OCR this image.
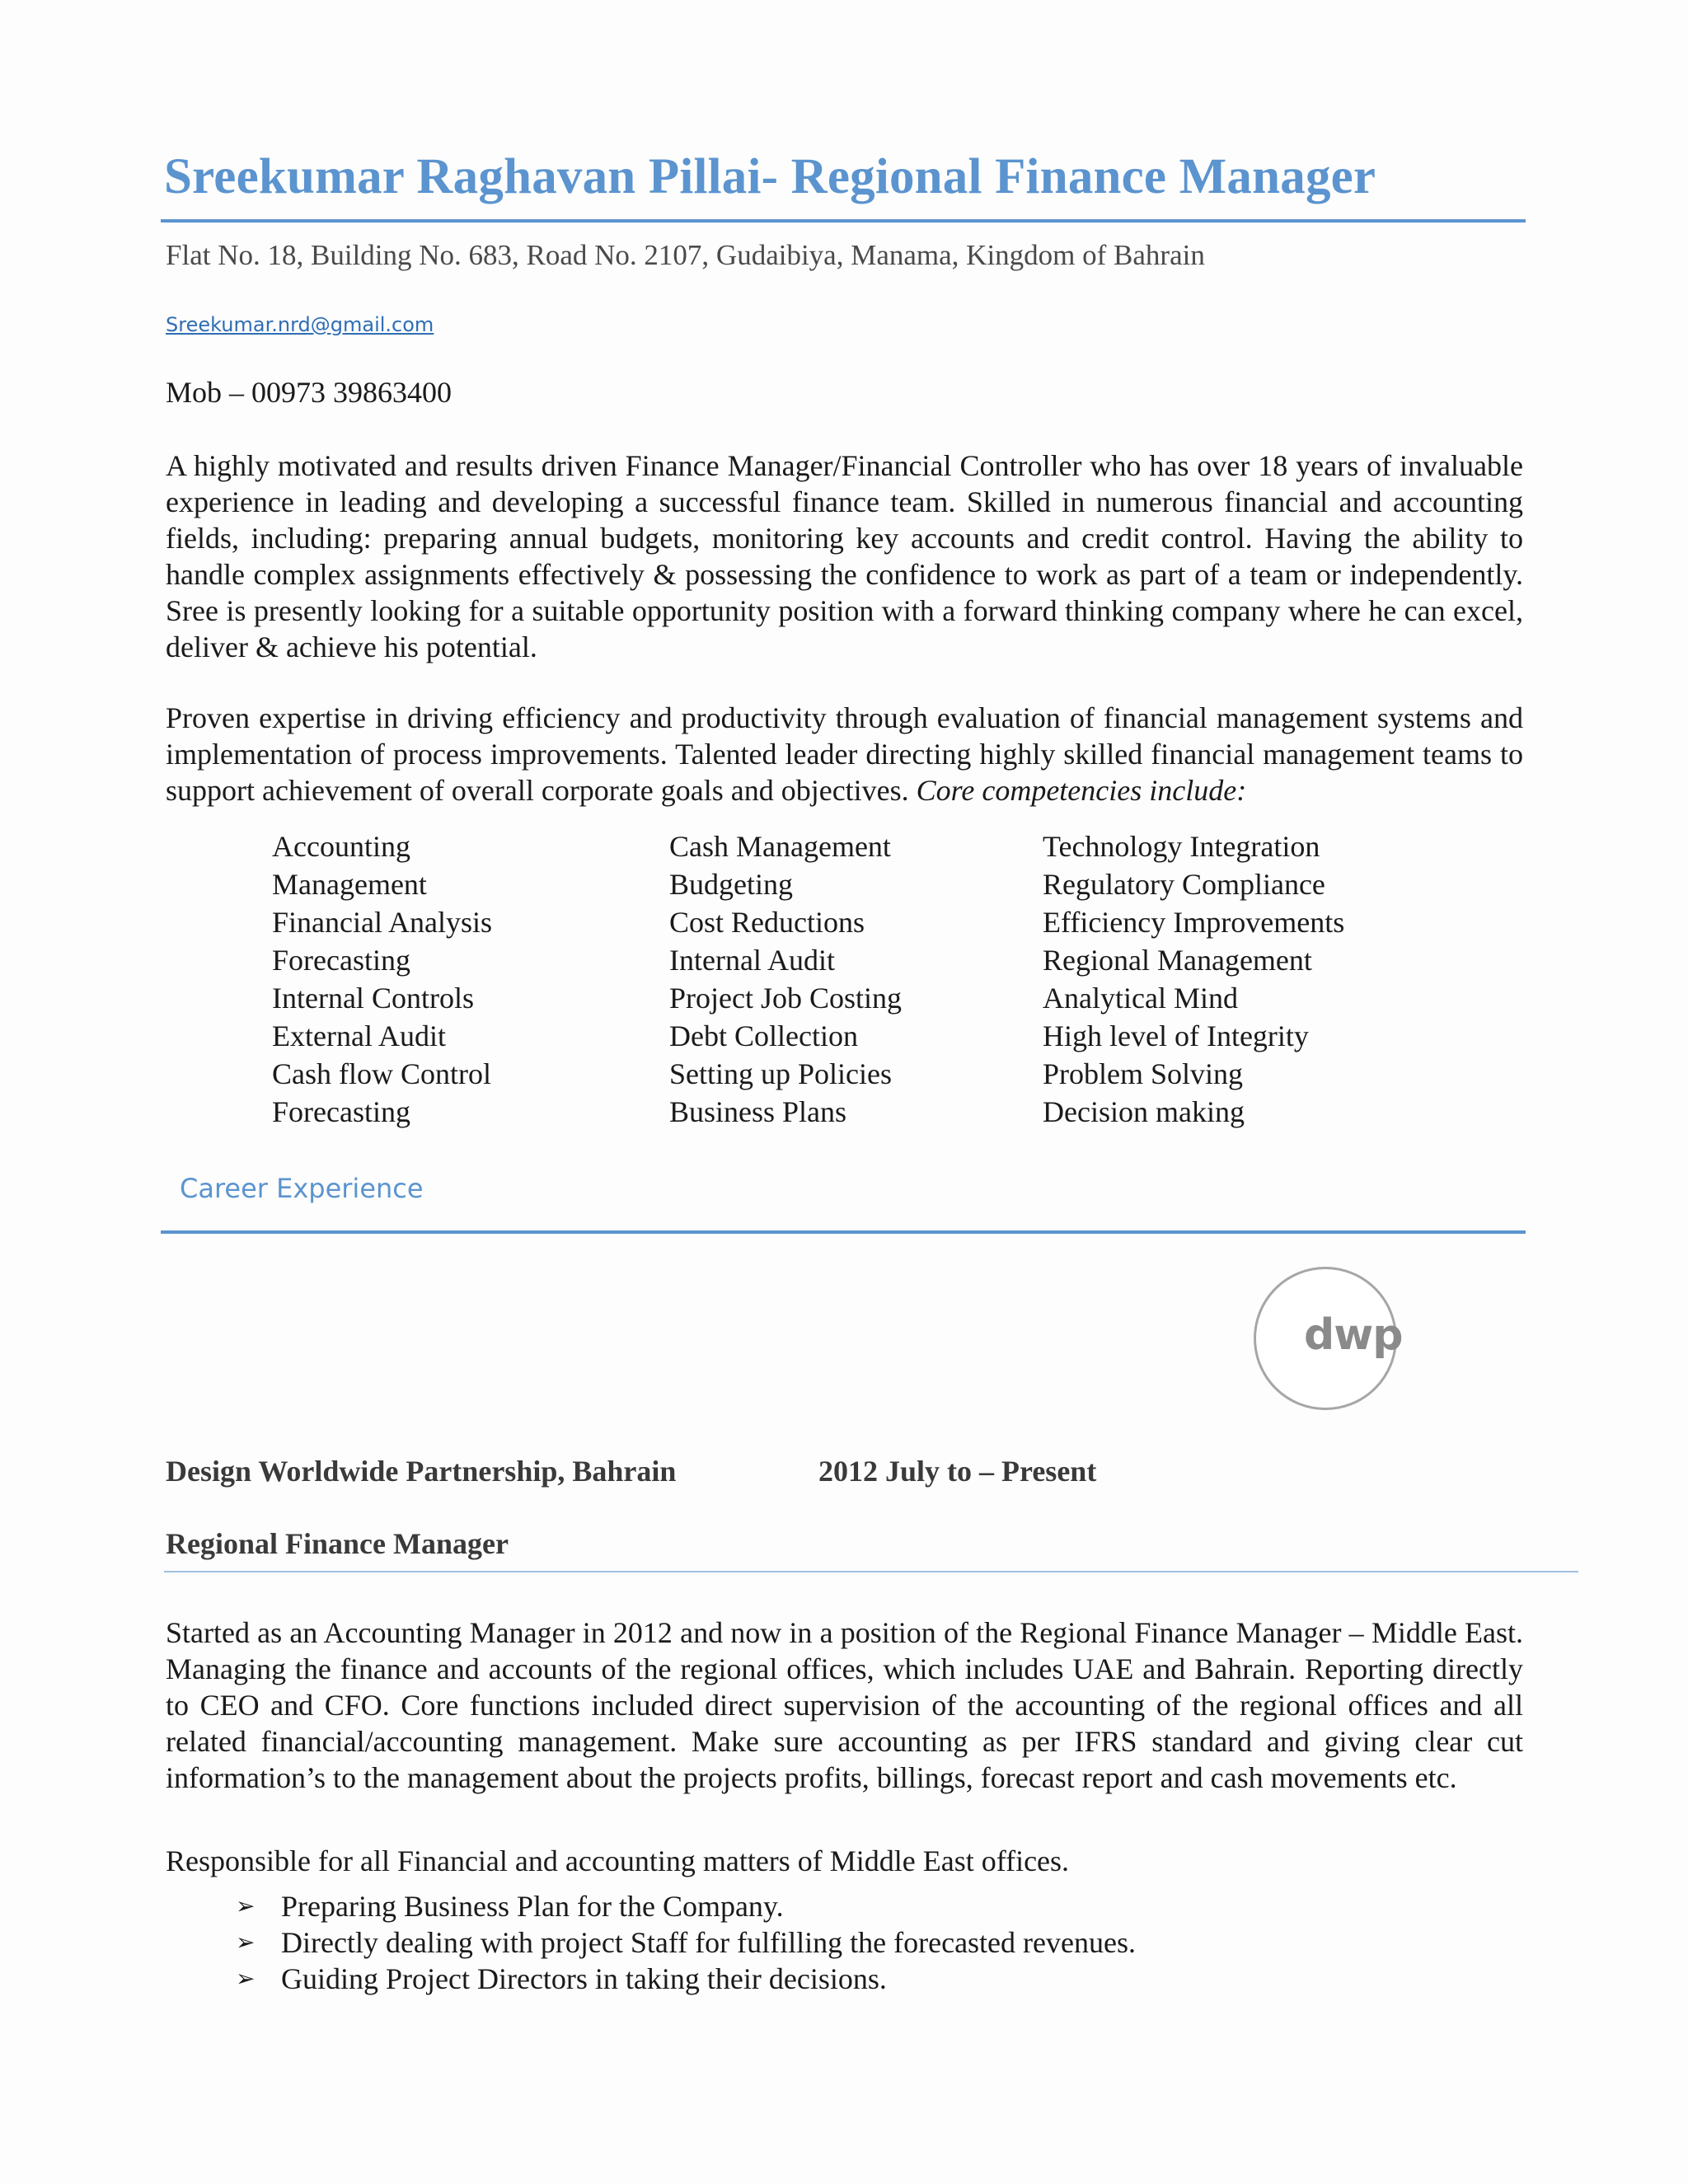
Sreekumar Raghavan Pillai- Regional Finance Manager
Flat No. 18, Building No. 683, Road No. 2107, Gudaibiya, Manama, Kingdom of Bahrain
Sreekumar.nrd@gmail.com
Mob – 00973 39863400

A highly motivated and results driven Finance Manager/Financial Controller who has over 18 years of invaluable experience in leading and developing a successful finance team. Skilled in numerous financial and accounting fields, including: preparing annual budgets, monitoring key accounts and credit control. Having the ability to handle complex assignments effectively & possessing the confidence to work as part of a team or independently. Sree is presently looking for a suitable opportunity position with a forward thinking company where he can excel, deliver & achieve his potential.

Proven expertise in driving efficiency and productivity through evaluation of financial management systems and implementation of process improvements. Talented leader directing highly skilled financial management teams to support achievement of overall corporate goals and objectives. Core competencies include:

Accounting
Management
Financial Analysis
Forecasting
Internal Controls
External Audit
Cash flow Control
Forecasting
Cash Management
Budgeting
Cost Reductions
Internal Audit
Project Job Costing
Debt Collection
Setting up Policies
Business Plans
Technology Integration
Regulatory Compliance
Efficiency Improvements
Regional Management
Analytical Mind
High level of Integrity
Problem Solving
Decision making
Career Experience
dwp
Design Worldwide Partnership, Bahrain	2012 July to – Present
Regional Finance Manager

Started as an Accounting Manager in 2012 and now in a position of the Regional Finance Manager – Middle East. Managing the finance and accounts of the regional offices, which includes UAE and Bahrain. Reporting directly to CEO and CFO. Core functions included direct supervision of the accounting of the regional offices and all related financial/accounting management. Make sure accounting as per IFRS standard and giving clear cut information’s to the management about the projects profits, billings, forecast report and cash movements etc.

Responsible for all Financial and accounting matters of Middle East offices.
➢ Preparing Business Plan for the Company.
➢ Directly dealing with project Staff for fulfilling the forecasted revenues.
➢ Guiding Project Directors in taking their decisions.
